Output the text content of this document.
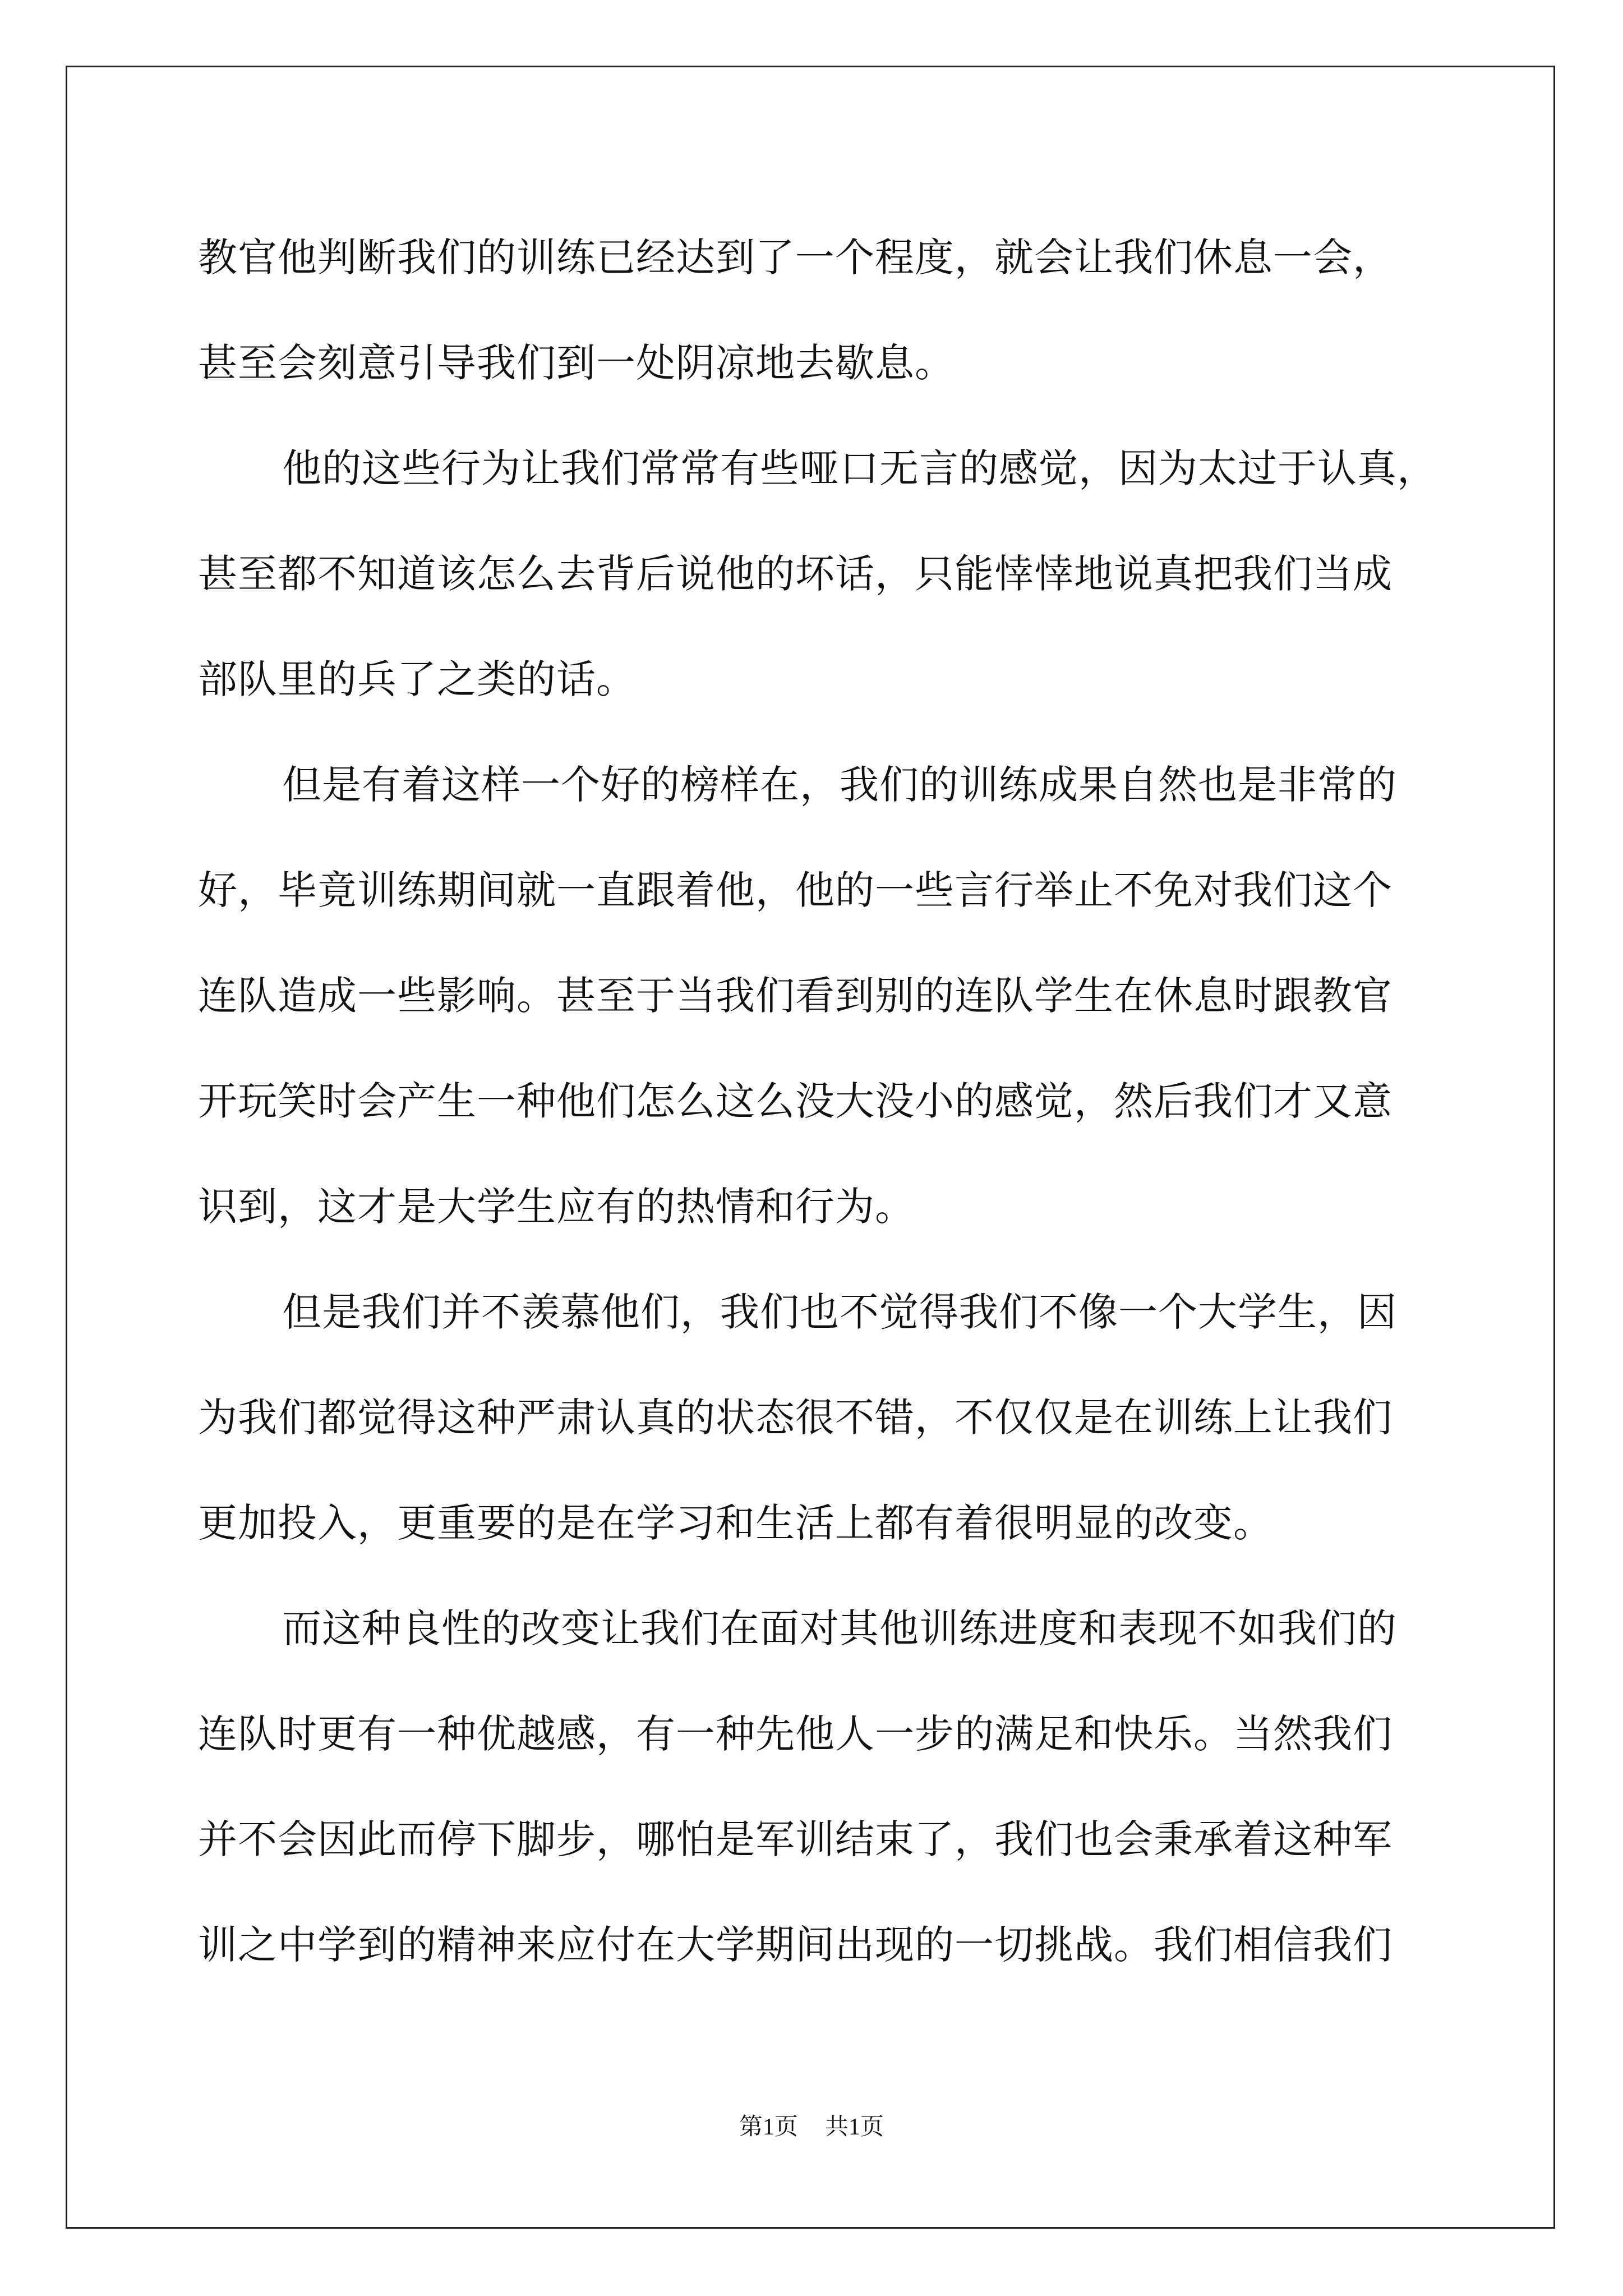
教官他判断我们的训练已经达到了一个程度，就会让我们休息一会，
甚至会刻意引导我们到一处阴凉地去歇息。
他的这些行为让我们常常有些哑口无言的感觉，因为太过于认真，
甚至都不知道该怎么去背后说他的坏话，只能悻悻地说真把我们当成
部队里的兵了之类的话。
但是有着这样一个好的榜样在，我们的训练成果自然也是非常的
好，毕竟训练期间就一直跟着他，他的一些言行举止不免对我们这个
连队造成一些影响。甚至于当我们看到别的连队学生在休息时跟教官
开玩笑时会产生一种他们怎么这么没大没小的感觉，然后我们才又意
识到，这才是大学生应有的热情和行为。
但是我们并不羡慕他们，我们也不觉得我们不像一个大学生，因
为我们都觉得这种严肃认真的状态很不错，不仅仅是在训练上让我们
更加投入，更重要的是在学习和生活上都有着很明显的改变。
而这种良性的改变让我们在面对其他训练进度和表现不如我们的
连队时更有一种优越感，有一种先他人一步的满足和快乐。当然我们
并不会因此而停下脚步，哪怕是军训结束了，我们也会秉承着这种军
训之中学到的精神来应付在大学期间出现的一切挑战。我们相信我们
第1页 共1页
